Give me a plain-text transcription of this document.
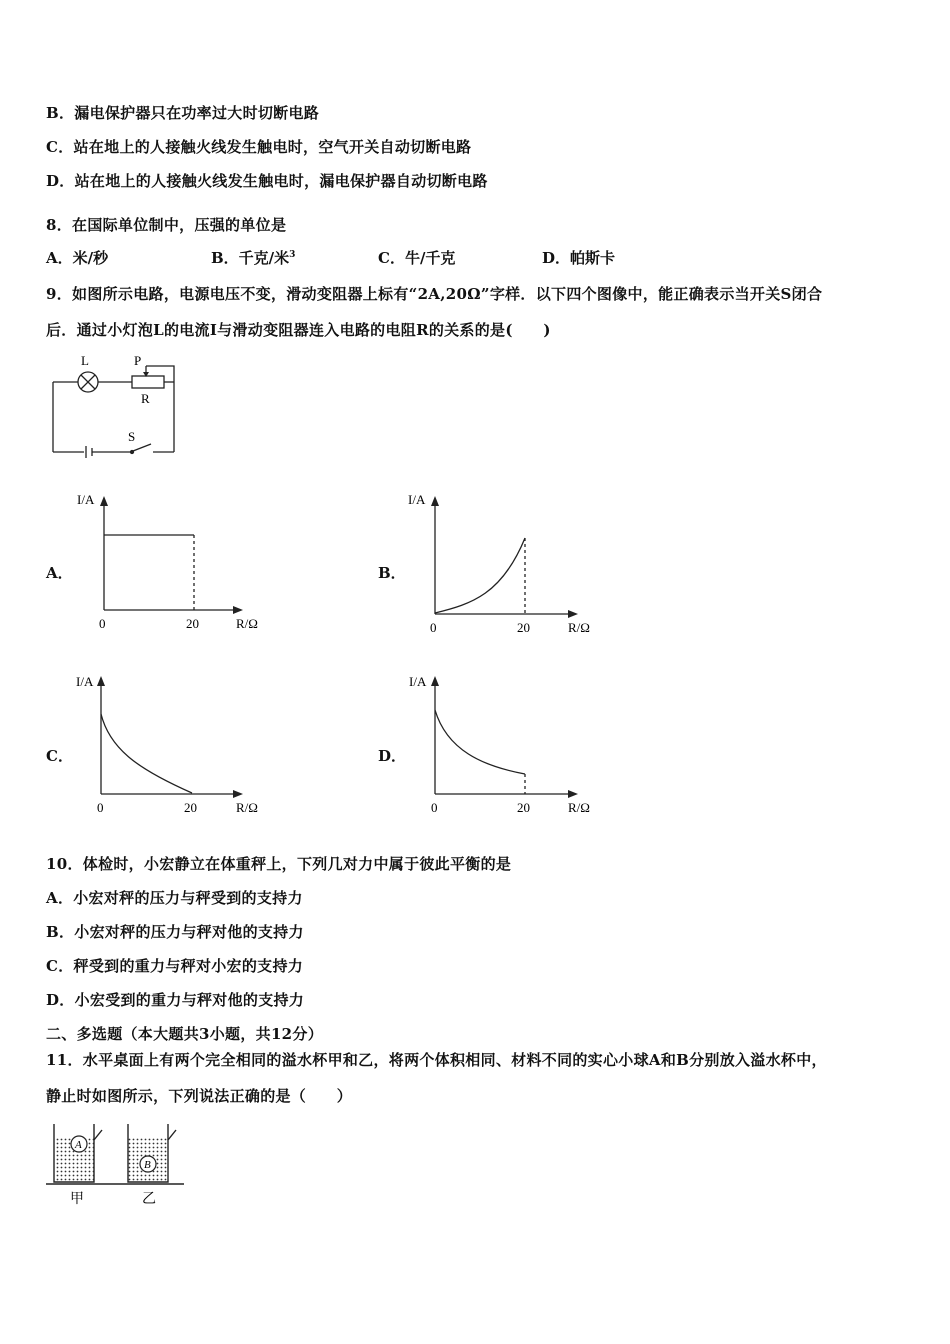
B．漏电保护器只在功率过大时切断电路
C．站在地上的人接触火线发生触电时，空气开关自动切断电路
D．站在地上的人接触火线发生触电时，漏电保护器自动切断电路
8．在国际单位制中，压强的单位是
A．米/秒	B．千克/米$^3$	C．牛/千克	D．帕斯卡
9．如图所示电路，电源电压不变，滑动变阻器上标有“2A,20Ω”字样．以下四个图像中，能正确表示当开关S闭合
后．通过小灯泡L的电流I与滑动变阻器连入电路的电阻R的关系的是(　　)
L	P
R
S
A．
I/A
R/Ω
0	20
B．
I/A
R/Ω
0	20
C．
I/A
R/Ω
0	20
D．
I/A
R/Ω
0	20
10．体检时，小宏静立在体重秤上，下列几对力中属于彼此平衡的是
A．小宏对秤的压力与秤受到的支持力
B．小宏对秤的压力与秤对他的支持力
C．秤受到的重力与秤对小宏的支持力
D．小宏受到的重力与秤对他的支持力
二、多选题（本大题共3小题，共12分）
11．水平桌面上有两个完全相同的溢水杯甲和乙，将两个体积相同、材料不同的实心小球A和B分别放入溢水杯中，
静止时如图所示，下列说法正确的是（　　）
A
B
甲	乙
